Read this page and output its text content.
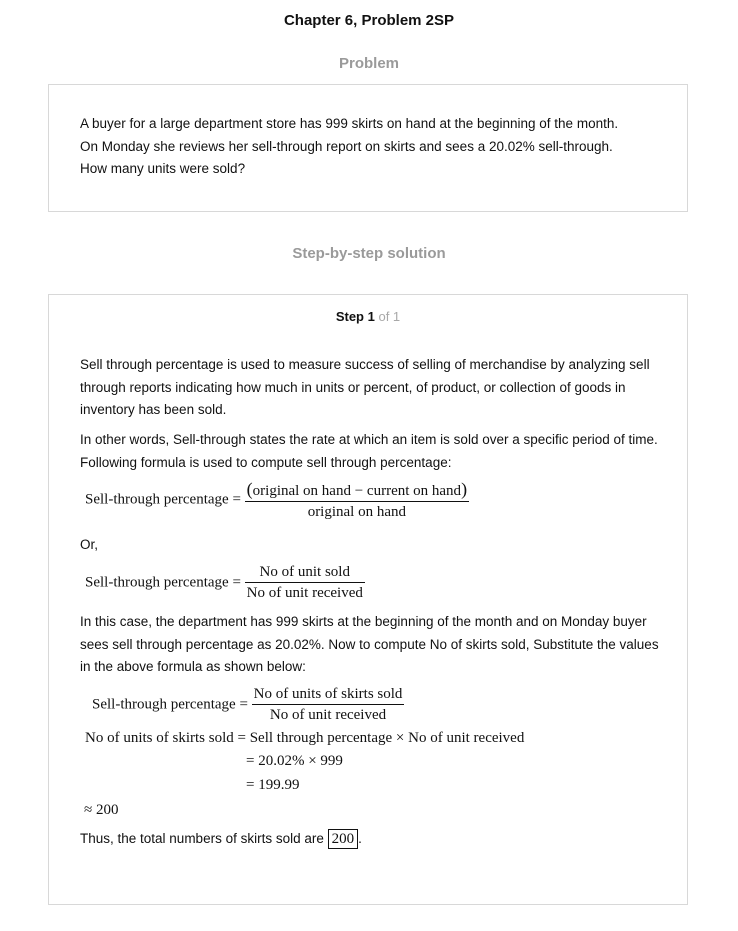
Chapter 6, Problem 2SP
Problem
A buyer for a large department store has 999 skirts on hand at the beginning of the month.
On Monday she reviews her sell-through report on skirts and sees a 20.02% sell-through.
How many units were sold?
Step-by-step solution
Step 1 of 1
Sell through percentage is used to measure success of selling of merchandise by analyzing sell through reports indicating how much in units or percent, of product, or collection of goods in inventory has been sold.
In other words, Sell-through states the rate at which an item is sold over a specific period of time. Following formula is used to compute sell through percentage:
Sell-through percentage = $\frac{\text{(original on hand − current on hand)}}{\text{original on hand}}$
Or,
Sell-through percentage = $\frac{\text{No of unit sold}}{\text{No of unit received}}$
In this case, the department has 999 skirts at the beginning of the month and on Monday buyer sees sell through percentage as 20.02%. Now to compute No of skirts sold, Substitute the values in the above formula as shown below:
Sell-through percentage = $\frac{\text{No of units of skirts sold}}{\text{No of unit received}}$
No of units of skirts sold = Sell through percentage × No of unit received
= 20.02% × 999
= 199.99
≈ 200
Thus, the total numbers of skirts sold are 200 .
